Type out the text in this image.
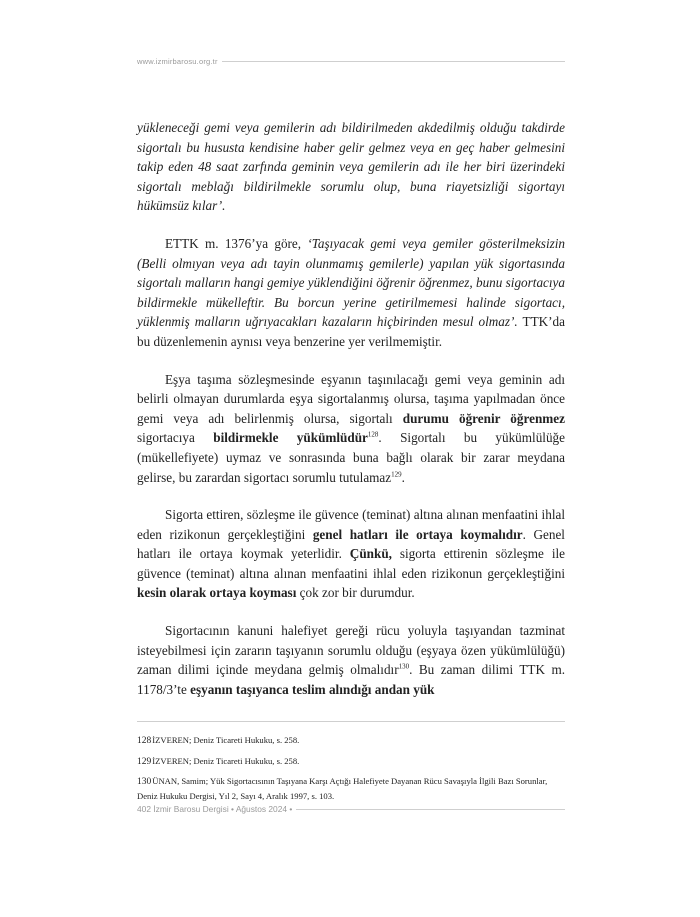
www.izmirbarosu.org.tr

yükleneceği gemi veya gemilerin adı bildirilmeden akdedilmiş olduğu takdirde sigortalı bu hususta kendisine haber gelir gelmez veya en geç haber gelmesini takip eden 48 saat zarfında geminin veya gemilerin adı ile her biri üzerindeki sigortalı meblağı bildirilmekle sorumlu olup, buna riayetsizliği sigortayı hükümsüz kılar’.

ETTK m. 1376’ya göre, ‘Taşıyacak gemi veya gemiler gösterilmeksizin (Belli olmıyan veya adı tayin olunmamış gemilerle) yapılan yük sigortasında sigortalı malların hangi gemiye yüklendiğini öğrenir öğrenmez, bunu sigortacıya bildirmekle mükelleftir. Bu borcun yerine getirilmemesi halinde sigortacı, yüklenmiş malların uğrıyacakları kazaların hiçbirinden mesul olmaz’. TTK’da bu düzenlemenin aynısı veya benzerine yer verilmemiştir.

Eşya taşıma sözleşmesinde eşyanın taşınılacağı gemi veya geminin adı belirli olmayan durumlarda eşya sigortalanmış olursa, taşıma yapılmadan önce gemi veya adı belirlenmiş olursa, sigortalı durumu öğrenir öğrenmez sigortacıya bildirmekle yükümlüdür$^{128}$. Sigortalı bu yükümlülüğe (mükellefiyete) uymaz ve sonrasında buna bağlı olarak bir zarar meydana gelirse, bu zarardan sigortacı sorumlu tutulamaz$^{129}$.

Sigorta ettiren, sözleşme ile güvence (teminat) altına alınan menfaatini ihlal eden rizikonun gerçekleştiğini genel hatları ile ortaya koymalıdır. Genel hatları ile ortaya koymak yeterlidir. Çünkü, sigorta ettirenin sözleşme ile güvence (teminat) altına alınan menfaatini ihlal eden rizikonun gerçekleştiğini kesin olarak ortaya koyması çok zor bir durumdur.

Sigortacının kanuni halefiyet gereği rücu yoluyla taşıyandan tazminat isteyebilmesi için zararın taşıyanın sorumlu olduğu (eşyaya özen yükümlülüğü) zaman dilimi içinde meydana gelmiş olmalıdır$^{130}$. Bu zaman dilimi TTK m. 1178/3’te eşyanın taşıyanca teslim alındığı andan yük

128İZVEREN; Deniz Ticareti Hukuku, s. 258.

129İZVEREN; Deniz Ticareti Hukuku, s. 258.

130ÜNAN, Samim; Yük Sigortacısının Taşıyana Karşı Açtığı Halefiyete Dayanan Rücu Savaşıyla İlgili Bazı Sorunlar, Deniz Hukuku Dergisi, Yıl 2, Sayı 4, Aralık 1997, s. 103.

402 İzmir Barosu Dergisi • Ağustos 2024 •
